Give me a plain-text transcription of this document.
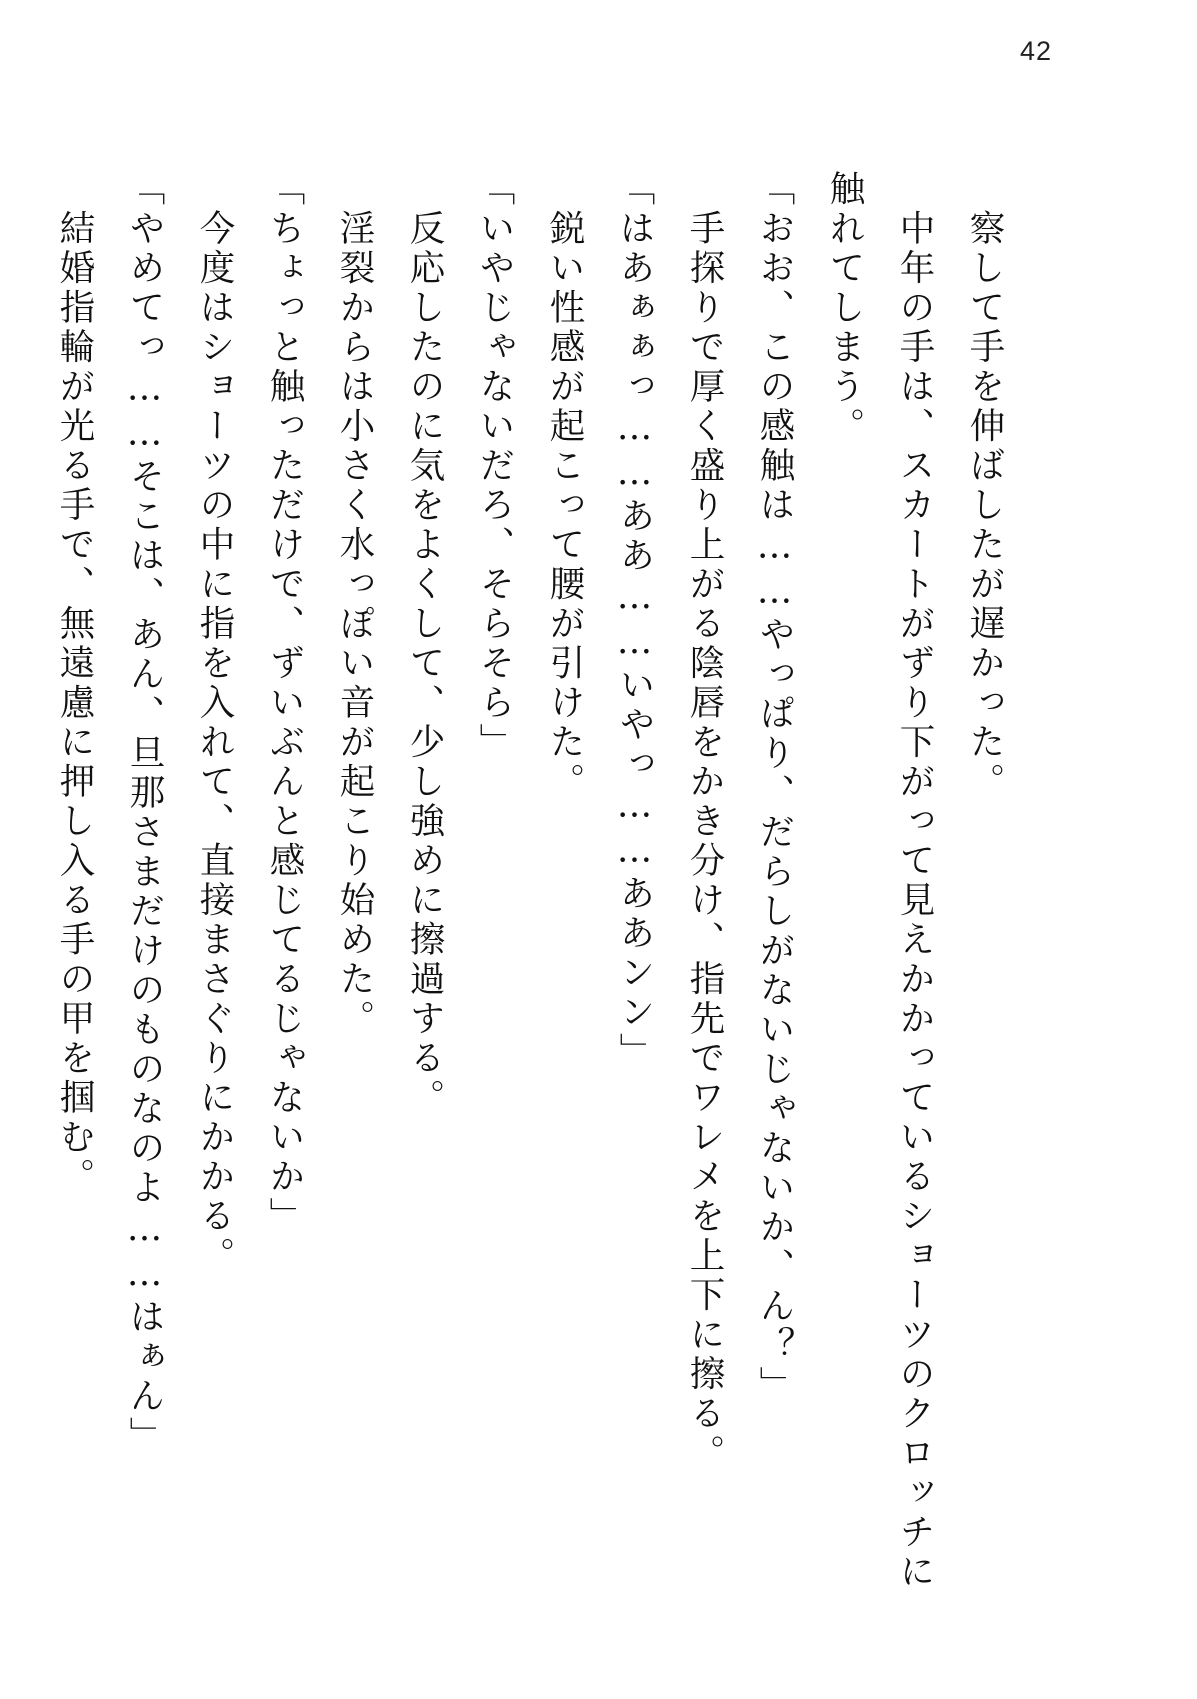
42
　察して手を伸ばしたが遅かった。
　中年の手は、スカートがずり下がって見えかかっているショーツのクロッチに
触れてしまう。
「おお、この感触は……やっぱり、だらしがないじゃないか、ん？」
　手探りで厚く盛り上がる陰唇をかき分け、指先でワレメを上下に擦る。
「はあぁぁっ……ああ……いやっ……ああンン」
　鋭い性感が起こって腰が引けた。
「いやじゃないだろ、そらそら」
　反応したのに気をよくして、少し強めに擦過する。
　淫裂からは小さく水っぽい音が起こり始めた。
「ちょっと触っただけで、ずいぶんと感じてるじゃないか」
　今度はショーツの中に指を入れて、直接まさぐりにかかる。
「やめてっ……そこは、あん、旦那さまだけのものなのよ……はぁん」
　結婚指輪が光る手で、無遠慮に押し入る手の甲を掴む。
